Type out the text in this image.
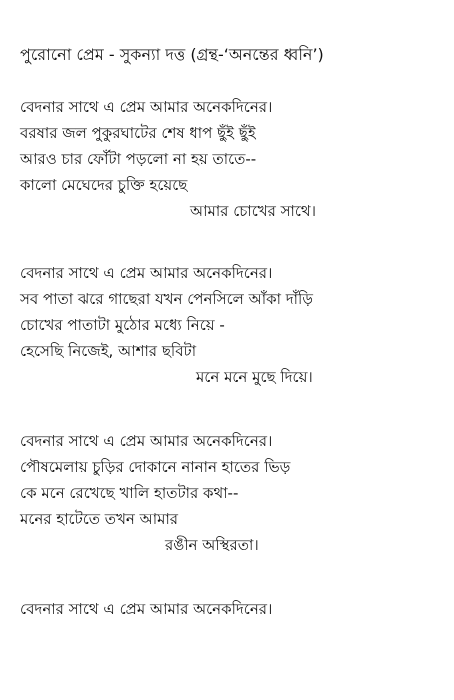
পুরোনো প্রেম - সুকন্যা দত্ত (গ্রন্থ-‘অনন্তের ধ্বনি’)
বেদনার সাথে এ প্রেম আমার অনেকদিনের।
বরষার জল পুকুরঘাটের শেষ ধাপ ছুঁই ছুঁই
আরও চার ফোঁটা পড়লো না হয় তাতে--
কালো মেঘেদের চুক্তি হয়েছে
আমার চোখের সাথে।
বেদনার সাথে এ প্রেম আমার অনেকদিনের।
সব পাতা ঝরে গাছেরা যখন পেনসিলে আঁকা দাঁড়ি
চোখের পাতাটা মুঠোর মধ্যে নিয়ে -
হেসেছি নিজেই, আশার ছবিটা
মনে মনে মুছে দিয়ে।
বেদনার সাথে এ প্রেম আমার অনেকদিনের।
পৌষমেলায় চুড়ির দোকানে নানান হাতের ভিড়
কে মনে রেখেছে খালি হাতটার কথা--
মনের হাটেতে তখন আমার
রঙীন অস্থিরতা।
বেদনার সাথে এ প্রেম আমার অনেকদিনের।
